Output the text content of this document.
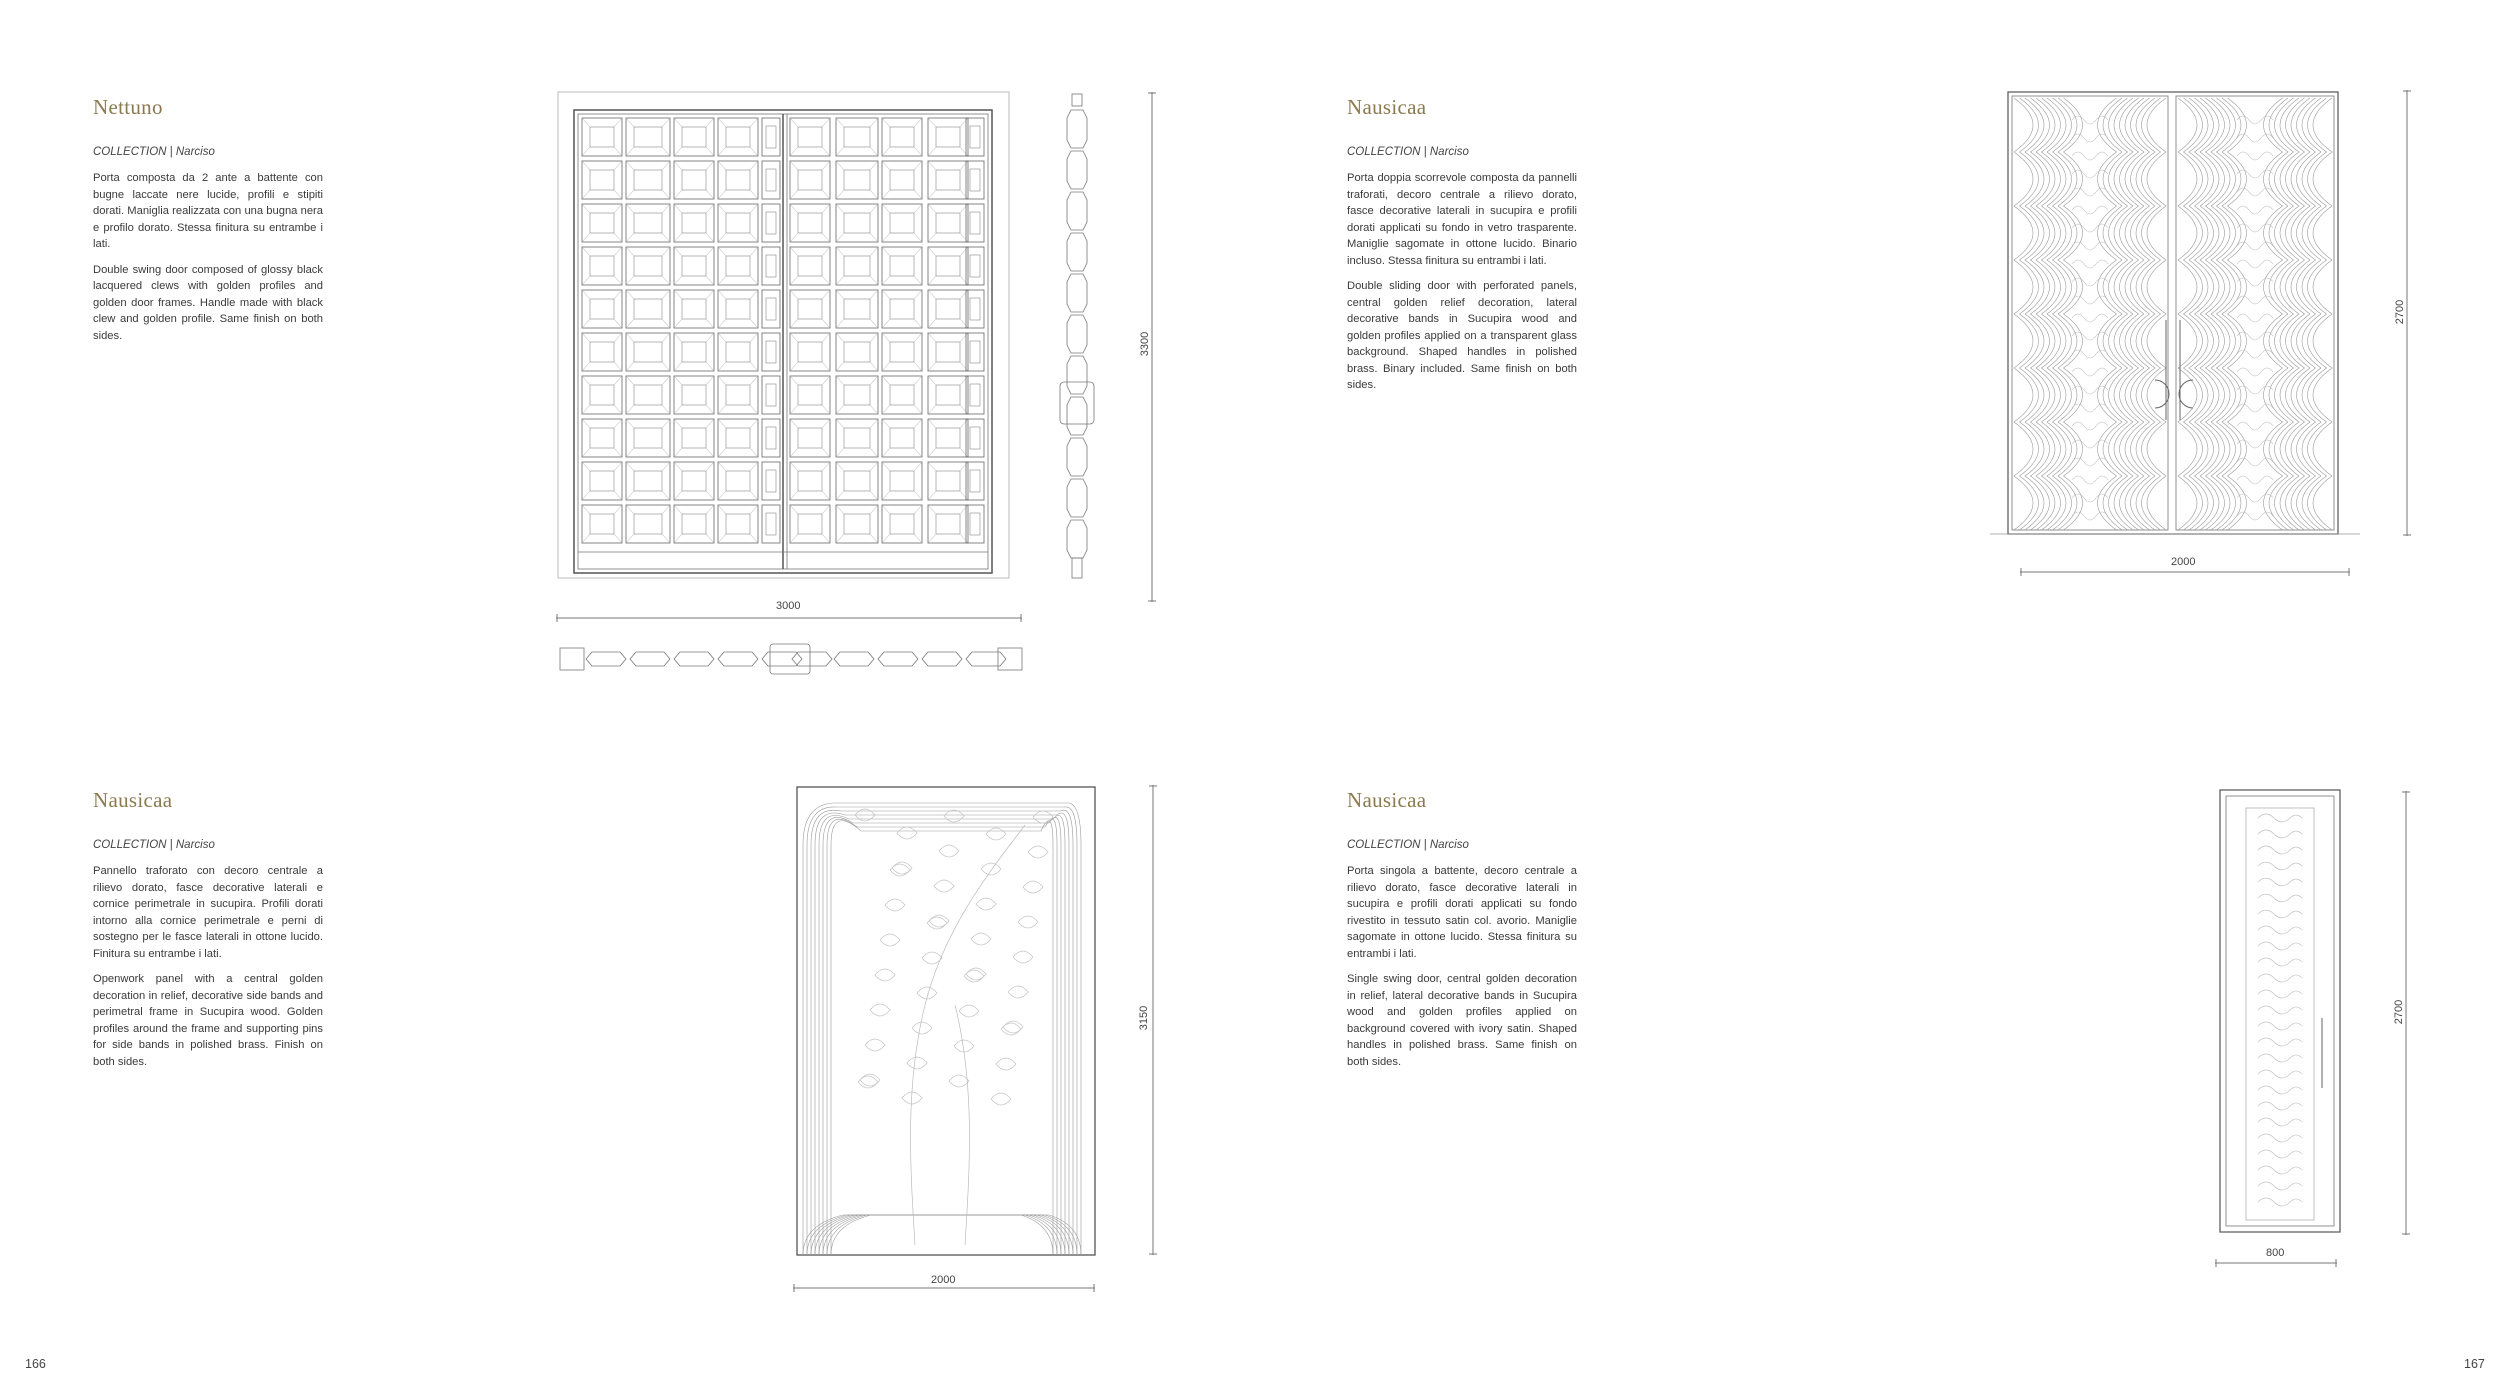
Nettuno
COLLECTION | Narciso
Porta composta da 2 ante a battente con bugne laccate nere lucide, profili e stipiti dorati. Maniglia realizzata con una bugna nera e profilo dorato. Stessa finitura su entrambe i lati.
Double swing door composed of glossy black lacquered clews with golden profiles and golden door frames. Handle made with black clew and golden profile. Same finish on both sides.
Nausicaa
COLLECTION | Narciso
Porta doppia scorrevole composta da pannelli traforati, decoro centrale a rilievo dorato, fasce decorative laterali in sucupira e profili dorati applicati su fondo in vetro trasparente. Maniglie sagomate in ottone lucido. Binario incluso. Stessa finitura su entrambi i lati.
Double sliding door with perforated panels, central golden relief decoration, lateral decorative bands in Sucupira wood and golden profiles applied on a transparent glass background. Shaped handles in polished brass. Binary included. Same finish on both sides.
Nausicaa
COLLECTION | Narciso
Pannello traforato con decoro centrale a rilievo dorato, fasce decorative laterali e cornice perimetrale in sucupira. Profili dorati intorno alla cornice perimetrale e perni di sostegno per le fasce laterali in ottone lucido. Finitura su entrambe i lati.
Openwork panel with a central golden decoration in relief, decorative side bands and perimetral frame in Sucupira wood. Golden profiles around the frame and supporting pins for side bands in polished brass. Finish on both sides.
Nausicaa
COLLECTION | Narciso
Porta singola a battente, decoro centrale a rilievo dorato, fasce decorative laterali in sucupira e profili dorati applicati su fondo rivestito in tessuto satin col. avorio. Maniglie sagomate in ottone lucido. Stessa finitura su entrambi i lati.
Single swing door, central golden decoration in relief, lateral decorative bands in Sucupira wood and golden profiles applied on background covered with ivory satin. Shaped handles in polished brass. Same finish on both sides.
3300
3000
2700
2000
3150
2000
2700
800
166	167
